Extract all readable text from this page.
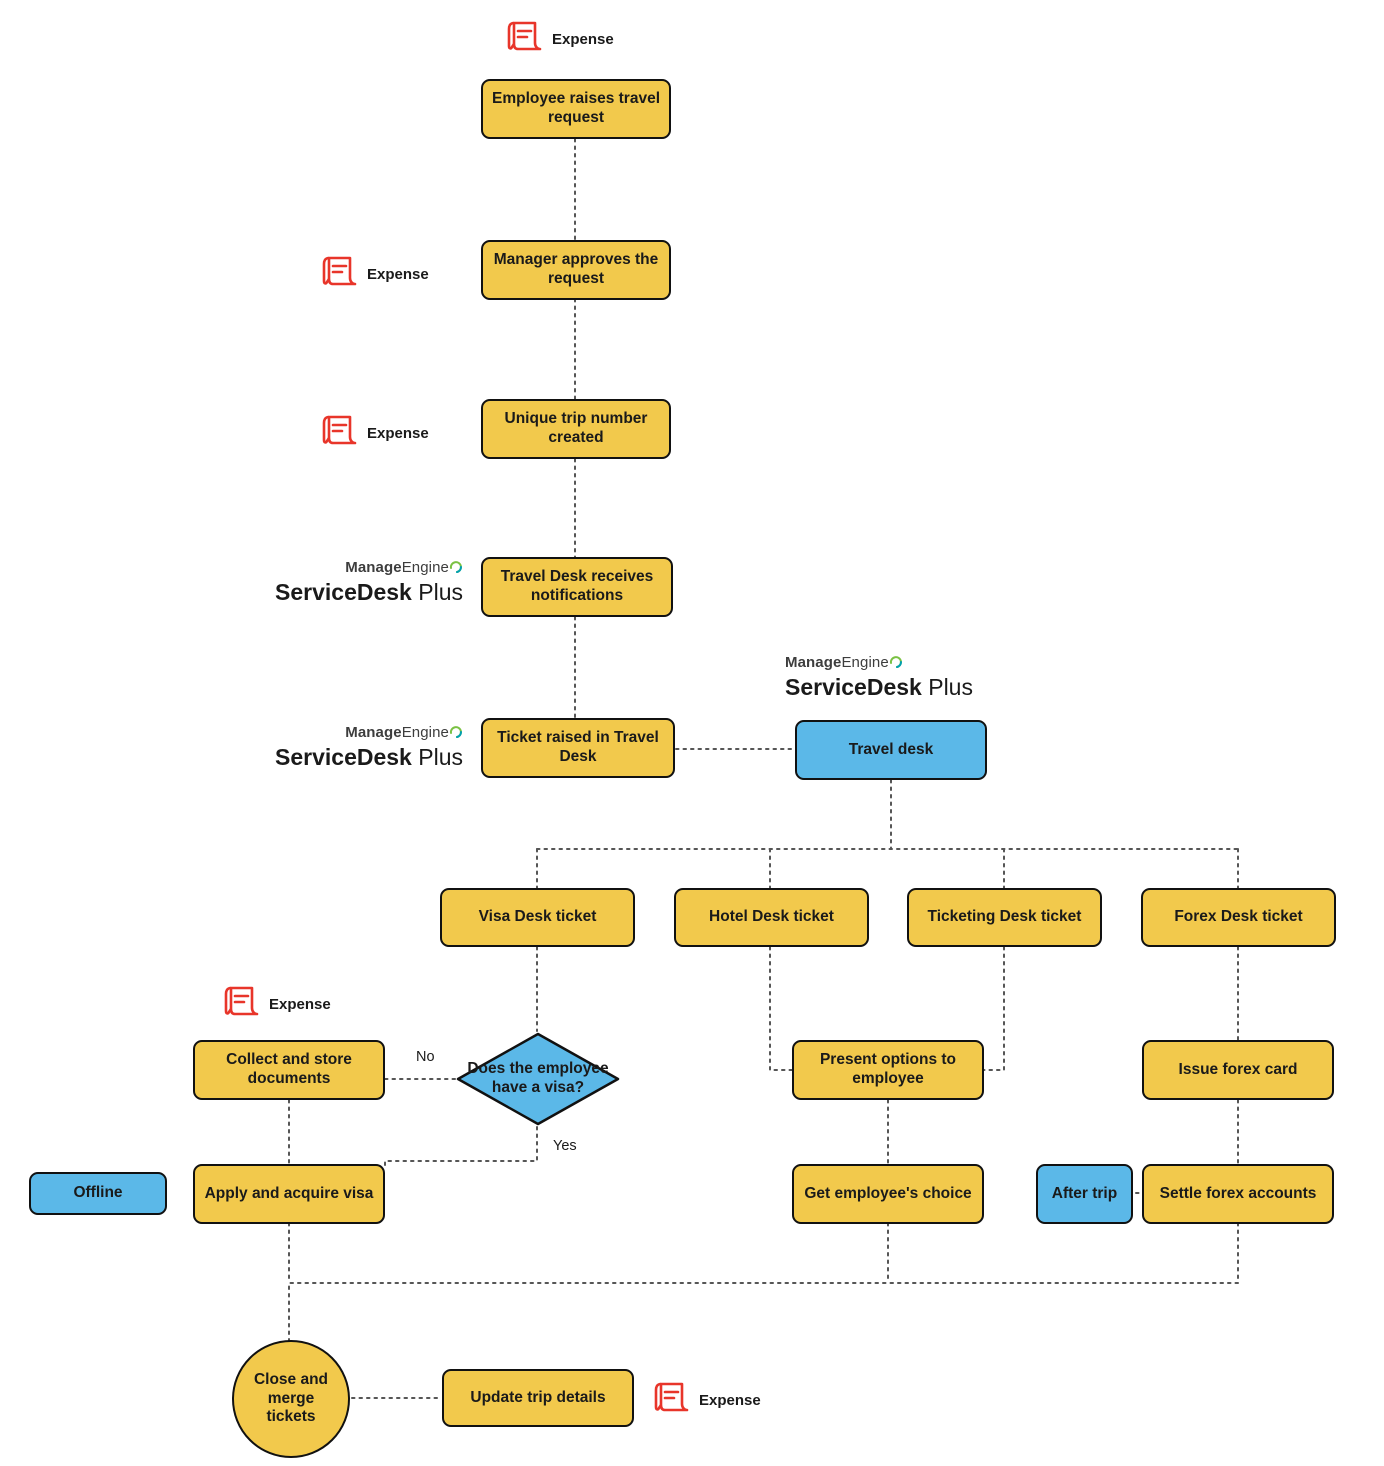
Expense
Expense
Expense
Expense
Expense
ManageEngine
ServiceDesk Plus
ManageEngine
ServiceDesk Plus
ManageEngine
ServiceDesk Plus
Employee raises travel request
Manager approves the request
Unique trip number created
Travel Desk receives notifications
Ticket raised in Travel Desk	Travel desk
Visa Desk ticket	Hotel Desk ticket	Ticketing Desk ticket	Forex Desk ticket
Does the employee have a visa?
No
Yes
Collect and store documents
Present options to employee
Issue forex card
Offline	Apply and acquire visa	Get employee's choice	After trip	Settle forex accounts
Close and merge tickets
Update trip details
